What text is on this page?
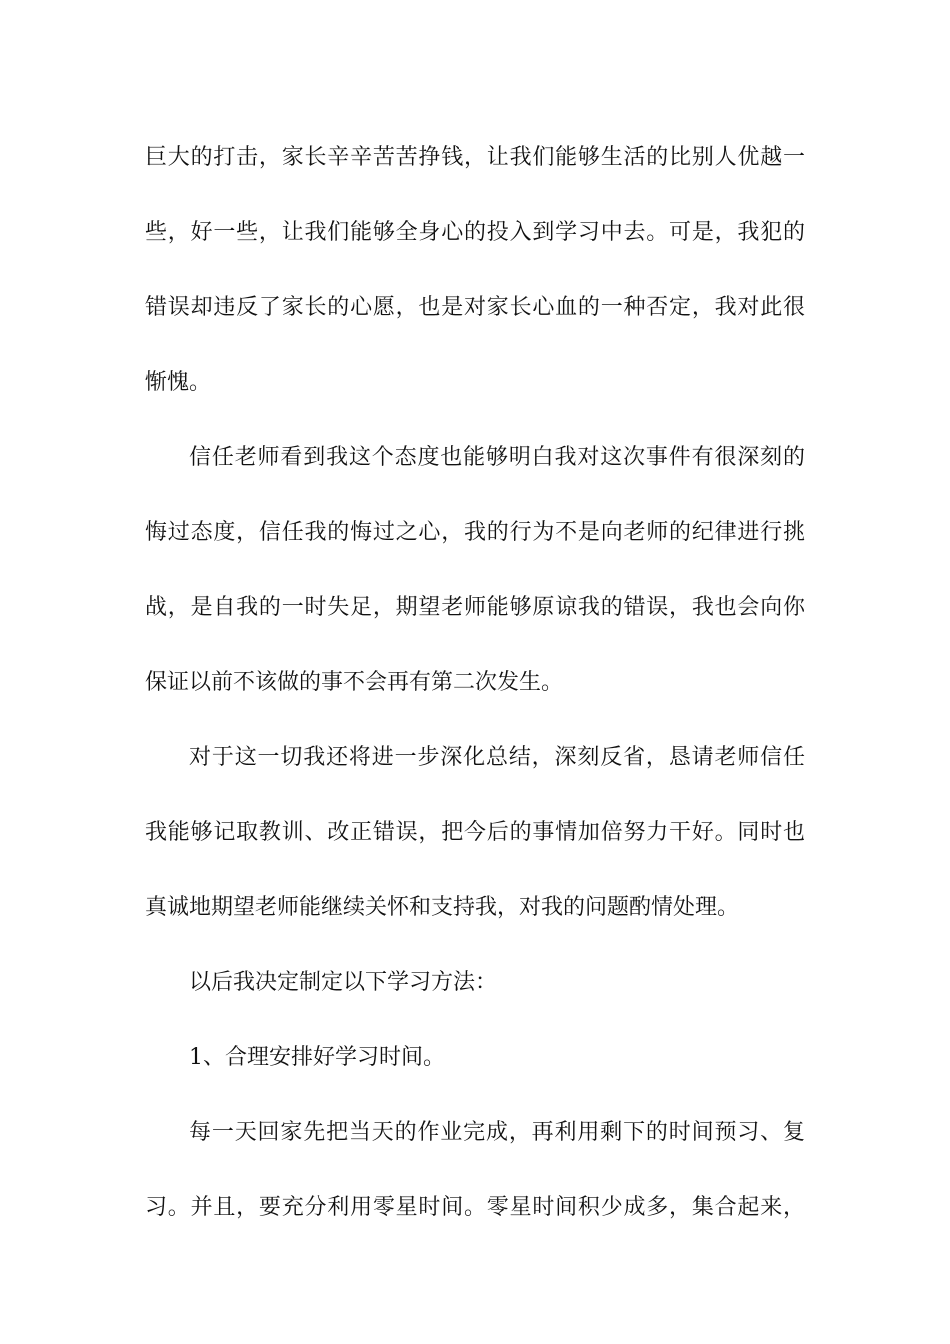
巨大的打击，家长辛辛苦苦挣钱，让我们能够生活的比别人优越一
些，好一些，让我们能够全身心的投入到学习中去。可是，我犯的
错误却违反了家长的心愿，也是对家长心血的一种否定，我对此很
惭愧。

信任老师看到我这个态度也能够明白我对这次事件有很深刻的
悔过态度，信任我的悔过之心，我的行为不是向老师的纪律进行挑
战，是自我的一时失足，期望老师能够原谅我的错误，我也会向你
保证以前不该做的事不会再有第二次发生。

对于这一切我还将进一步深化总结，深刻反省，恳请老师信任
我能够记取教训、改正错误，把今后的事情加倍努力干好。同时也
真诚地期望老师能继续关怀和支持我，对我的问题酌情处理。

以后我决定制定以下学习方法：

1、合理安排好学习时间。

每一天回家先把当天的作业完成，再利用剩下的时间预习、复
习。并且，要充分利用零星时间。零星时间积少成多，集合起来，
